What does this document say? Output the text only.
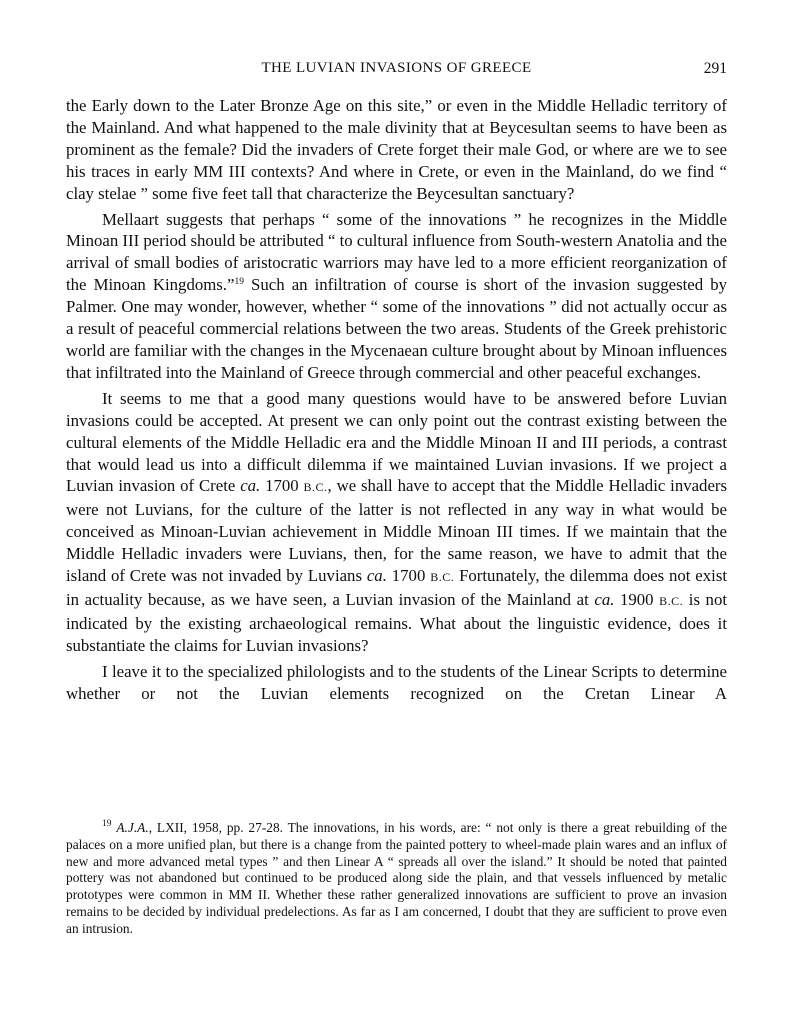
THE LUVIAN INVASIONS OF GREECE	291

the Early down to the Later Bronze Age on this site,” or even in the Middle Helladic territory of the Mainland. And what happened to the male divinity that at Beycesultan seems to have been as prominent as the female? Did the invaders of Crete forget their male God, or where are we to see his traces in early MM III contexts? And where in Crete, or even in the Mainland, do we find “ clay stelae ” some five feet tall that characterize the Beycesultan sanctuary?

Mellaart suggests that perhaps “ some of the innovations ” he recognizes in the Middle Minoan III period should be attributed “ to cultural influence from South-western Anatolia and the arrival of small bodies of aristocratic warriors may have led to a more efficient reorganization of the Minoan Kingdoms.”$^{19}$ Such an infiltration of course is short of the invasion suggested by Palmer. One may wonder, however, whether “ some of the innovations ” did not actually occur as a result of peaceful commercial relations between the two areas. Students of the Greek prehistoric world are familiar with the changes in the Mycenaean culture brought about by Minoan influences that infiltrated into the Mainland of Greece through commercial and other peaceful exchanges.

It seems to me that a good many questions would have to be answered before Luvian invasions could be accepted. At present we can only point out the contrast existing between the cultural elements of the Middle Helladic era and the Middle Minoan II and III periods, a contrast that would lead us into a difficult dilemma if we maintained Luvian invasions. If we project a Luvian invasion of Crete ca. 1700 B.C., we shall have to accept that the Middle Helladic invaders were not Luvians, for the culture of the latter is not reflected in any way in what would be conceived as Minoan-Luvian achievement in Middle Minoan III times. If we maintain that the Middle Helladic invaders were Luvians, then, for the same reason, we have to admit that the island of Crete was not invaded by Luvians ca. 1700 B.C. Fortunately, the dilemma does not exist in actuality because, as we have seen, a Luvian invasion of the Mainland at ca. 1900 B.C. is not indicated by the existing archaeological remains. What about the linguistic evidence, does it substantiate the claims for Luvian invasions?

I leave it to the specialized philologists and to the students of the Linear Scripts to determine whether or not the Luvian elements recognized on the Cretan Linear A

$^{19}$ A.J.A., LXII, 1958, pp. 27-28. The innovations, in his words, are: “ not only is there a great rebuilding of the palaces on a more unified plan, but there is a change from the painted pottery to wheel-made plain wares and an influx of new and more advanced metal types ” and then Linear A “ spreads all over the island.” It should be noted that painted pottery was not abandoned but continued to be produced along side the plain, and that vessels influenced by metalic prototypes were common in MM II. Whether these rather generalized innovations are sufficient to prove an invasion remains to be decided by individual predelections. As far as I am concerned, I doubt that they are sufficient to prove even an intrusion.
